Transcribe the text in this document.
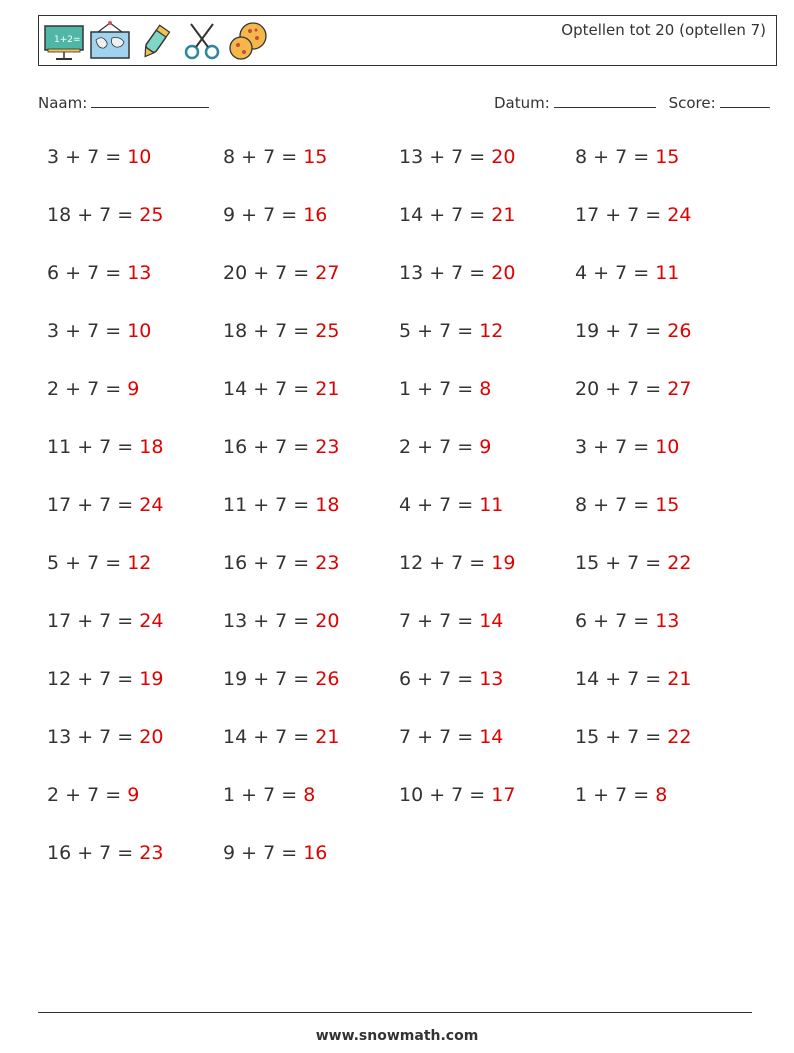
1+2=
Optellen tot 20 (optellen 7)
Naam:	Datum:	Score:
3 + 7 = 10	8 + 7 = 15	13 + 7 = 20	8 + 7 = 15
18 + 7 = 25	9 + 7 = 16	14 + 7 = 21	17 + 7 = 24
6 + 7 = 13	20 + 7 = 27	13 + 7 = 20	4 + 7 = 11
3 + 7 = 10	18 + 7 = 25	5 + 7 = 12	19 + 7 = 26
2 + 7 = 9	14 + 7 = 21	1 + 7 = 8	20 + 7 = 27
11 + 7 = 18	16 + 7 = 23	2 + 7 = 9	3 + 7 = 10
17 + 7 = 24	11 + 7 = 18	4 + 7 = 11	8 + 7 = 15
5 + 7 = 12	16 + 7 = 23	12 + 7 = 19	15 + 7 = 22
17 + 7 = 24	13 + 7 = 20	7 + 7 = 14	6 + 7 = 13
12 + 7 = 19	19 + 7 = 26	6 + 7 = 13	14 + 7 = 21
13 + 7 = 20	14 + 7 = 21	7 + 7 = 14	15 + 7 = 22
2 + 7 = 9	1 + 7 = 8	10 + 7 = 17	1 + 7 = 8
16 + 7 = 23	9 + 7 = 16
www.snowmath.com
